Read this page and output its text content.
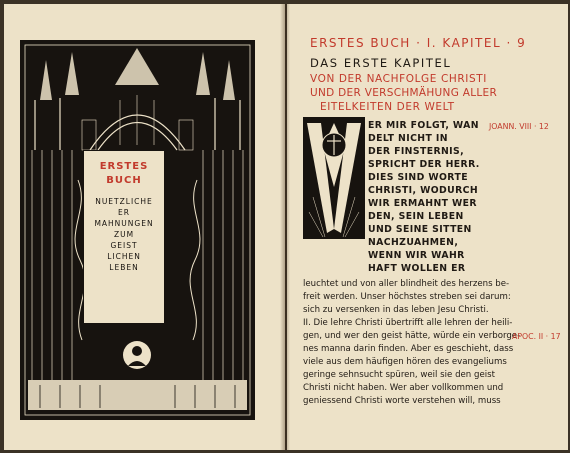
ERSTES
BUCH
NUETZLICHE
ER
MAHNUNGEN
ZUM
GEIST
LICHEN
LEBEN
ERSTES BUCH · I. KAPITEL · 9
DAS ERSTE KAPITEL
VON DER NACHFOLGE CHRISTI
UND DER VERSCHMÄHUNG ALLER
EITELKEITEN DER WELT
ER MIR FOLGT, WAN
DELT NICHT IN
DER FINSTERNIS,
SPRICHT DER HERR.
DIES SIND WORTE
CHRISTI, WODURCH
WIR ERMAHNT WER
DEN, SEIN LEBEN
UND SEINE SITTEN
NACHZUAHMEN,
WENN WIR WAHR
HAFT WOLLEN ER
JOANN. VIII · 12
leuchtet und von aller blindheit des herzens be-
freit werden. Unser höchstes streben sei darum:
sich zu versenken in das leben Jesu Christi.
II. Die lehre Christi übertrifft alle lehren der heili-
gen, und wer den geist hätte, würde ein verborge-
nes manna darin finden. Aber es geschieht, dass
viele aus dem häufigen hören des evangeliums
geringe sehnsucht spüren, weil sie den geist
Christi nicht haben. Wer aber vollkommen und
geniessend Christi worte verstehen will, muss
APOC. II · 17
